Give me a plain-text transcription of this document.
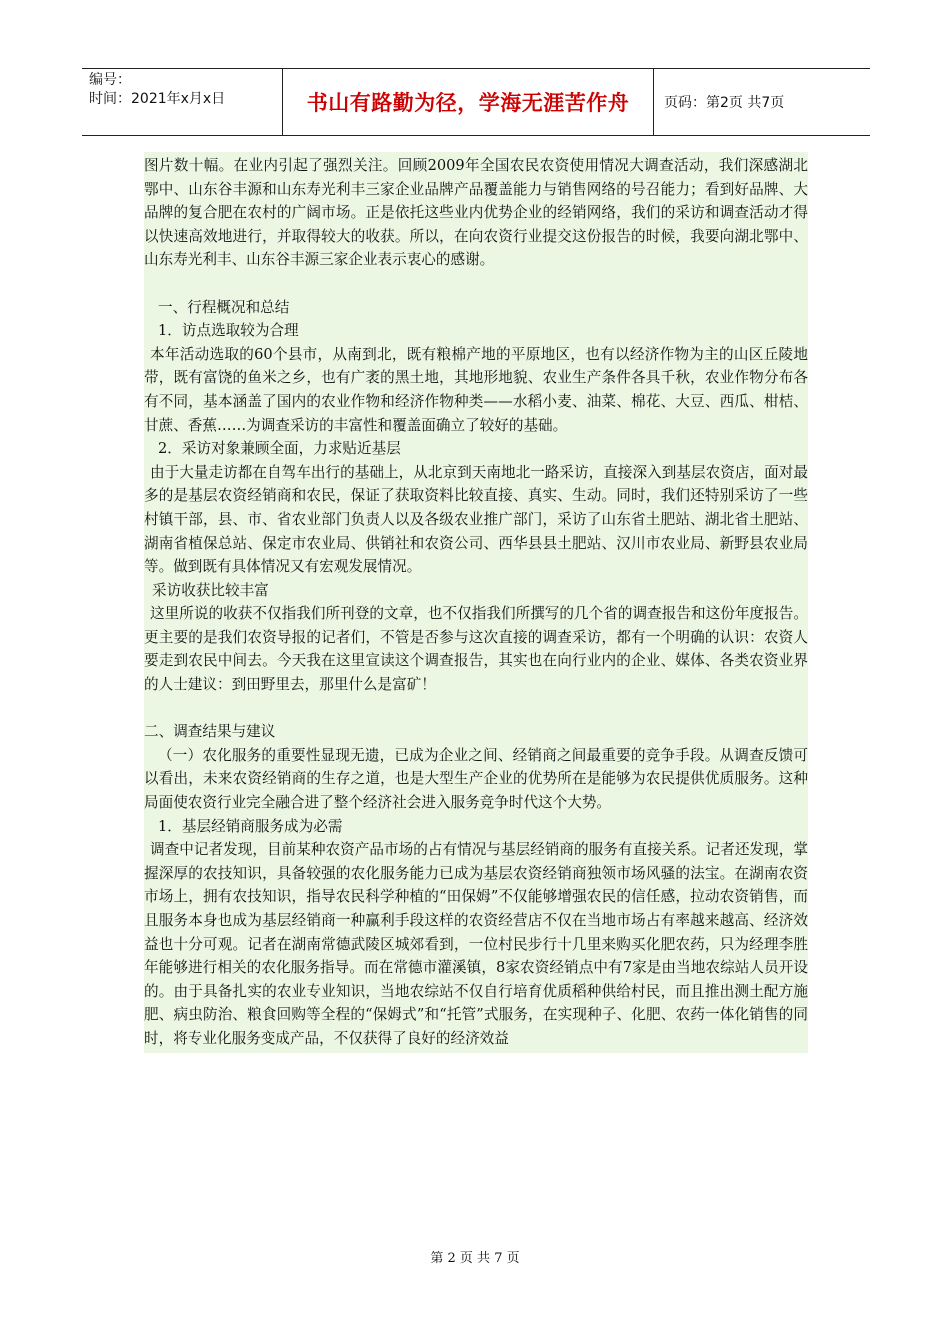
编号：
时间：2021年x月x日	书山有路勤为径，学海无涯苦作舟 页码：第2页 共7页

图片数十幅。在业内引起了强烈关注。回顾2009年全国农民农资使用情况大调查活动，我们深感湖北鄂中、山东谷丰源和山东寿光利丰三家企业品牌产品覆盖能力与销售网络的号召能力；看到好品牌、大品牌的复合肥在农村的广阔市场。正是依托这些业内优势企业的经销网络，我们的采访和调查活动才得以快速高效地进行，并取得较大的收获。所以，在向农资行业提交这份报告的时候，我要向湖北鄂中、山东寿光利丰、山东谷丰源三家企业表示衷心的感谢。

一、行程概况和总结

1．访点选取较为合理

本年活动选取的60个县市，从南到北，既有粮棉产地的平原地区，也有以经济作物为主的山区丘陵地带，既有富饶的鱼米之乡，也有广袤的黑土地，其地形地貌、农业生产条件各具千秋，农业作物分布各有不同，基本涵盖了国内的农业作物和经济作物种类——水稻小麦、油菜、棉花、大豆、西瓜、柑桔、甘蔗、香蕉……为调查采访的丰富性和覆盖面确立了较好的基础。

2．采访对象兼顾全面，力求贴近基层

由于大量走访都在自驾车出行的基础上，从北京到天南地北一路采访，直接深入到基层农资店，面对最多的是基层农资经销商和农民，保证了获取资料比较直接、真实、生动。同时，我们还特别采访了一些村镇干部，县、市、省农业部门负责人以及各级农业推广部门，采访了山东省土肥站、湖北省土肥站、湖南省植保总站、保定市农业局、供销社和农资公司、西华县县土肥站、汉川市农业局、新野县农业局等。做到既有具体情况又有宏观发展情况。

采访收获比较丰富

这里所说的收获不仅指我们所刊登的文章，也不仅指我们所撰写的几个省的调查报告和这份年度报告。更主要的是我们农资导报的记者们，不管是否参与这次直接的调查采访，都有一个明确的认识：农资人要走到农民中间去。今天我在这里宣读这个调查报告，其实也在向行业内的企业、媒体、各类农资业界的人士建议：到田野里去，那里什么是富矿！

二、调查结果与建议

（一）农化服务的重要性显现无遗，已成为企业之间、经销商之间最重要的竞争手段。从调查反馈可以看出，未来农资经销商的生存之道，也是大型生产企业的优势所在是能够为农民提供优质服务。这种局面使农资行业完全融合进了整个经济社会进入服务竞争时代这个大势。

1．基层经销商服务成为必需

调查中记者发现，目前某种农资产品市场的占有情况与基层经销商的服务有直接关系。记者还发现，掌握深厚的农技知识，具备较强的农化服务能力已成为基层农资经销商独领市场风骚的法宝。在湖南农资市场上，拥有农技知识，指导农民科学种植的“田保姆”不仅能够增强农民的信任感，拉动农资销售，而且服务本身也成为基层经销商一种赢利手段这样的农资经营店不仅在当地市场占有率越来越高、经济效益也十分可观。记者在湖南常德武陵区城郊看到，一位村民步行十几里来购买化肥农药，只为经理李胜年能够进行相关的农化服务指导。而在常德市灌溪镇，8家农资经销点中有7家是由当地农综站人员开设的。由于具备扎实的农业专业知识，当地农综站不仅自行培育优质稻种供给村民，而且推出测土配方施肥、病虫防治、粮食回购等全程的“保姆式”和“托管”式服务，在实现种子、化肥、农药一体化销售的同时，将专业化服务变成产品，不仅获得了良好的经济效益

第 2 页 共 7 页
